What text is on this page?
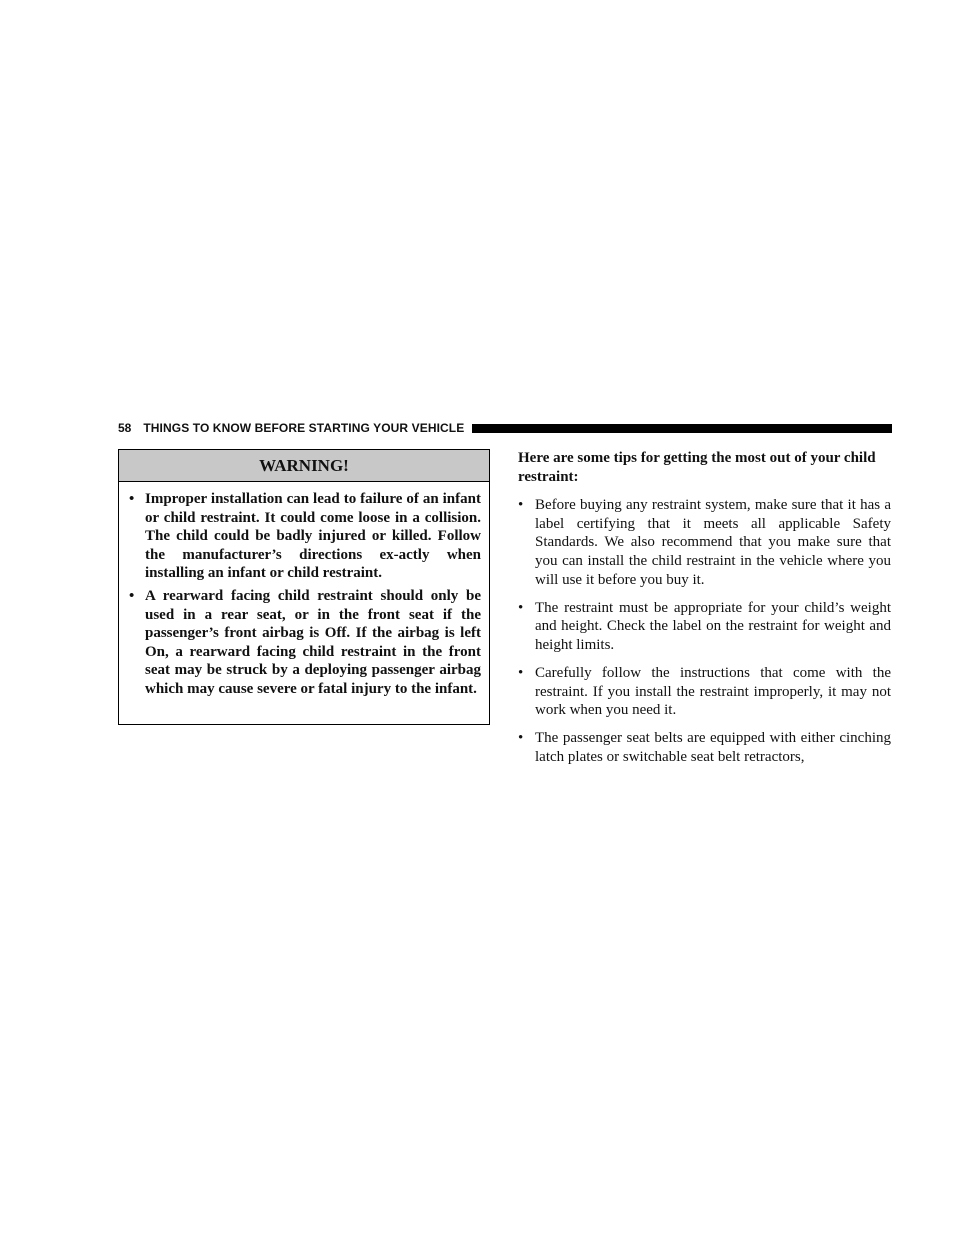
58 THINGS TO KNOW BEFORE STARTING YOUR VEHICLE
WARNING!
• Improper installation can lead to failure of an infant or child restraint. It could come loose in a collision. The child could be badly injured or killed. Follow the manufacturer’s directions ex-actly when installing an infant or child restraint.
• A rearward facing child restraint should only be used in a rear seat, or in the front seat if the passenger’s front airbag is Off. If the airbag is left On, a rearward facing child restraint in the front seat may be struck by a deploying passenger airbag which may cause severe or fatal injury to the infant.

Here are some tips for getting the most out of your child restraint:

• Before buying any restraint system, make sure that it has a label certifying that it meets all applicable Safety Standards. We also recommend that you make sure that you can install the child restraint in the vehicle where you will use it before you buy it.
• The restraint must be appropriate for your child’s weight and height. Check the label on the restraint for weight and height limits.
• Carefully follow the instructions that come with the restraint. If you install the restraint improperly, it may not work when you need it.
• The passenger seat belts are equipped with either cinching latch plates or switchable seat belt retractors,
